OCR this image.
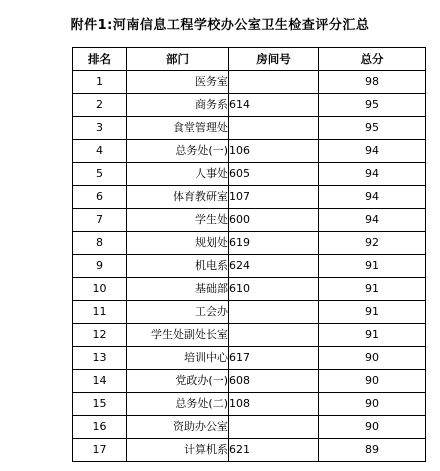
附件1:河南信息工程学校办公室卫生检查评分汇总
排名	部门	房间号	总分
1	医务室		98
2	商务系	614	95
3	食堂管理处		95
4	总务处(一)	106	94
5	人事处	605	94
6	体育教研室	107	94
7	学生处	600	94
8	规划处	619	92
9	机电系	624	91
10	基础部	610	91
11	工会办		91
12	学生处副处长室		91
13	培训中心	617	90
14	党政办(一)	608	90
15	总务处(二)	108	90
16	资助办公室		90
17	计算机系	621	89
